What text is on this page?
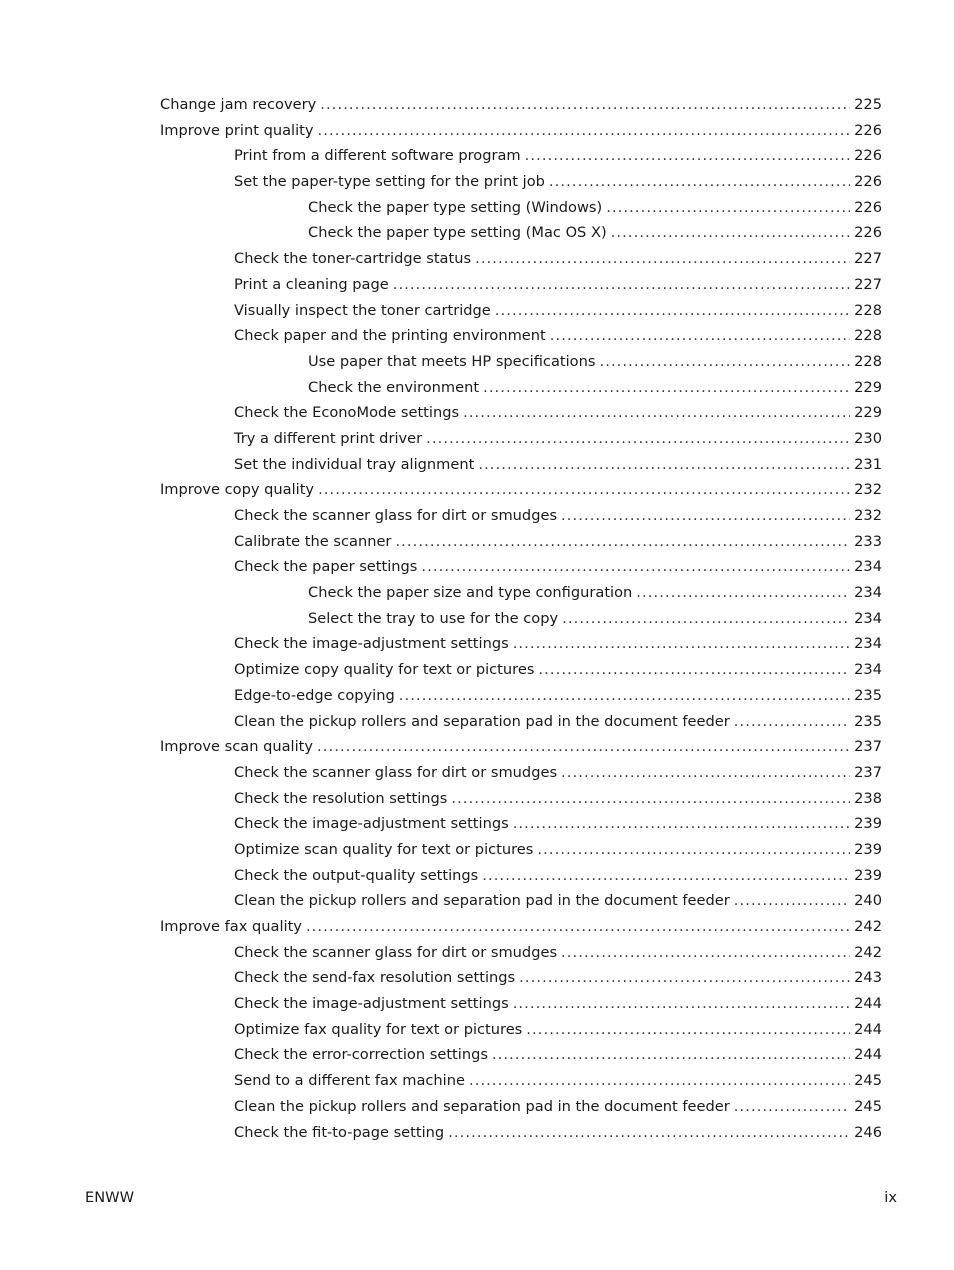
Change jam recovery .....	225
Improve print quality .....	226
Print from a different software program .....	226
Set the paper-type setting for the print job .....	226
Check the paper type setting (Windows) .....	226
Check the paper type setting (Mac OS X) .....	226
Check the toner-cartridge status .....	227
Print a cleaning page .....	227
Visually inspect the toner cartridge .....	228
Check paper and the printing environment .....	228
Use paper that meets HP specifications .....	228
Check the environment .....	229
Check the EconoMode settings .....	229
Try a different print driver .....	230
Set the individual tray alignment .....	231
Improve copy quality .....	232
Check the scanner glass for dirt or smudges .....	232
Calibrate the scanner .....	233
Check the paper settings .....	234
Check the paper size and type configuration .....	234
Select the tray to use for the copy .....	234
Check the image-adjustment settings .....	234
Optimize copy quality for text or pictures .....	234
Edge-to-edge copying .....	235
Clean the pickup rollers and separation pad in the document feeder .....	235
Improve scan quality .....	237
Check the scanner glass for dirt or smudges .....	237
Check the resolution settings .....	238
Check the image-adjustment settings .....	239
Optimize scan quality for text or pictures .....	239
Check the output-quality settings .....	239
Clean the pickup rollers and separation pad in the document feeder .....	240
Improve fax quality .....	242
Check the scanner glass for dirt or smudges .....	242
Check the send-fax resolution settings .....	243
Check the image-adjustment settings .....	244
Optimize fax quality for text or pictures .....	244
Check the error-correction settings .....	244
Send to a different fax machine .....	245
Clean the pickup rollers and separation pad in the document feeder .....	245
Check the fit-to-page setting .....	246
ENWW	ix
